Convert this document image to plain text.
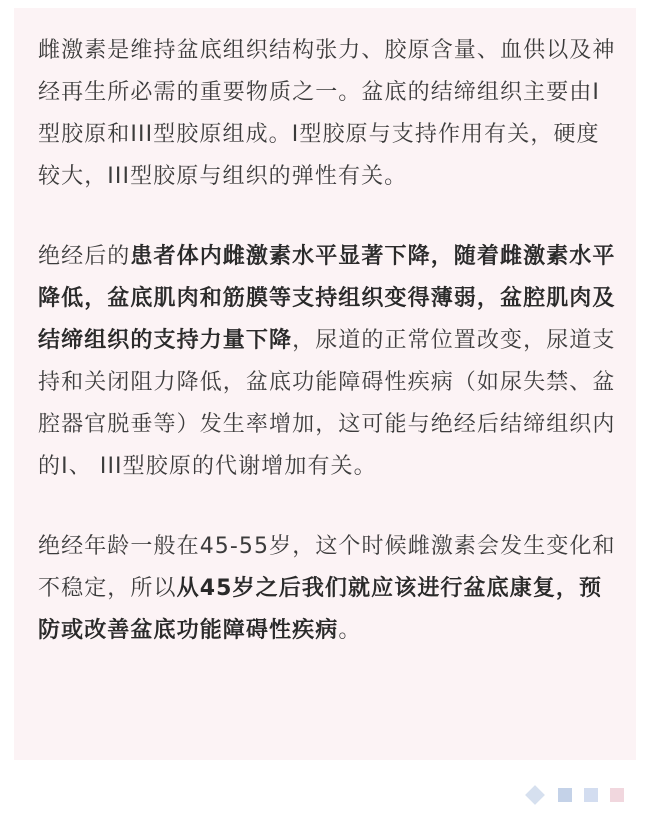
雌激素是维持盆底组织结构张力、胶原含量、血供以及神经再生所必需的重要物质之一。盆底的结缔组织主要由I型胶原和III型胶原组成。I型胶原与支持作用有关，硬度较大，III型胶原与组织的弹性有关。

绝经后的患者体内雌激素水平显著下降，随着雌激素水平降低，盆底肌肉和筋膜等支持组织变得薄弱，盆腔肌肉及结缔组织的支持力量下降，尿道的正常位置改变，尿道支持和关闭阻力降低，盆底功能障碍性疾病（如尿失禁、盆腔器官脱垂等）发生率增加，这可能与绝经后结缔组织内的I、 III型胶原的代谢增加有关。

绝经年龄一般在45-55岁，这个时候雌激素会发生变化和不稳定，所以从45岁之后我们就应该进行盆底康复，预防或改善盆底功能障碍性疾病。
